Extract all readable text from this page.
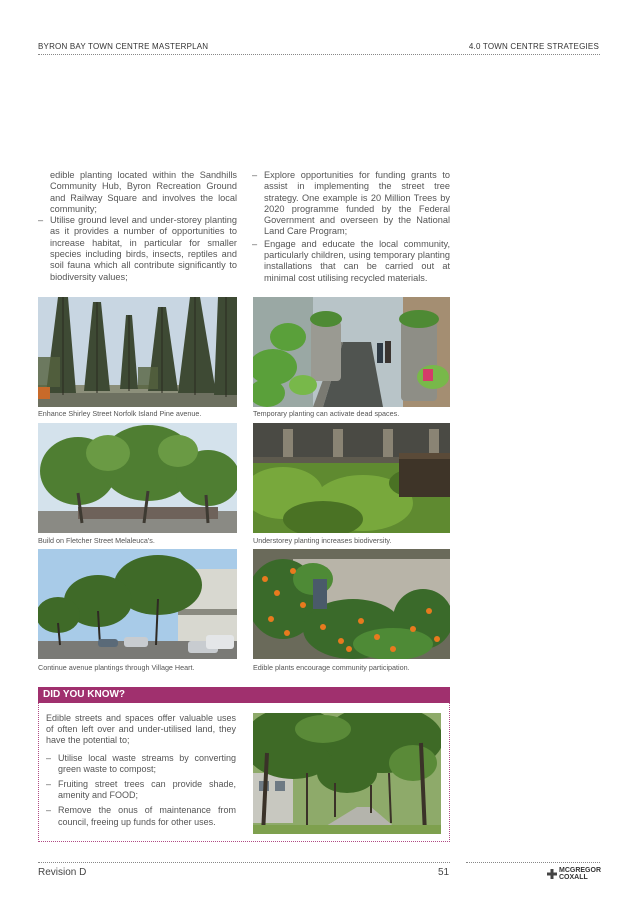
BYRON BAY TOWN CENTRE MASTERPLAN	4.0 TOWN CENTRE STRATEGIES

edible planting located within the Sandhills Community Hub, Byron Recreation Ground and Railway Square and involves the local community;

– Utilise ground level and under-storey planting as it provides a number of opportunities to increase habitat, in particular for smaller species including birds, insects, reptiles and soil fauna which all contribute significantly to biodiversity values;

– Explore opportunities for funding grants to assist in implementing the street tree strategy. One example is 20 Million Trees by 2020 programme funded by the Federal Government and overseen by the National Land Care Program;

– Engage and educate the local community, particularly children, using temporary planting installations that can be carried out at minimal cost utilising recycled materials.

Enhance Shirley Street Norfolk Island Pine avenue.	Temporary planting can activate dead spaces.
Build on Fletcher Street Melaleuca's.	Understorey planting increases biodiversity.
Continue avenue plantings through Village Heart.	Edible plants encourage community participation.
DID YOU KNOW?

Edible streets and spaces offer valuable uses of often left over and under-utilised land, they have the potential to;

– Utilise local waste streams by converting green waste to compost;

– Fruiting street trees can provide shade, amenity and FOOD;

– Remove the onus of maintenance from council, freeing up funds for other uses.

Revision D	51	MCGREGOR
COXALL
